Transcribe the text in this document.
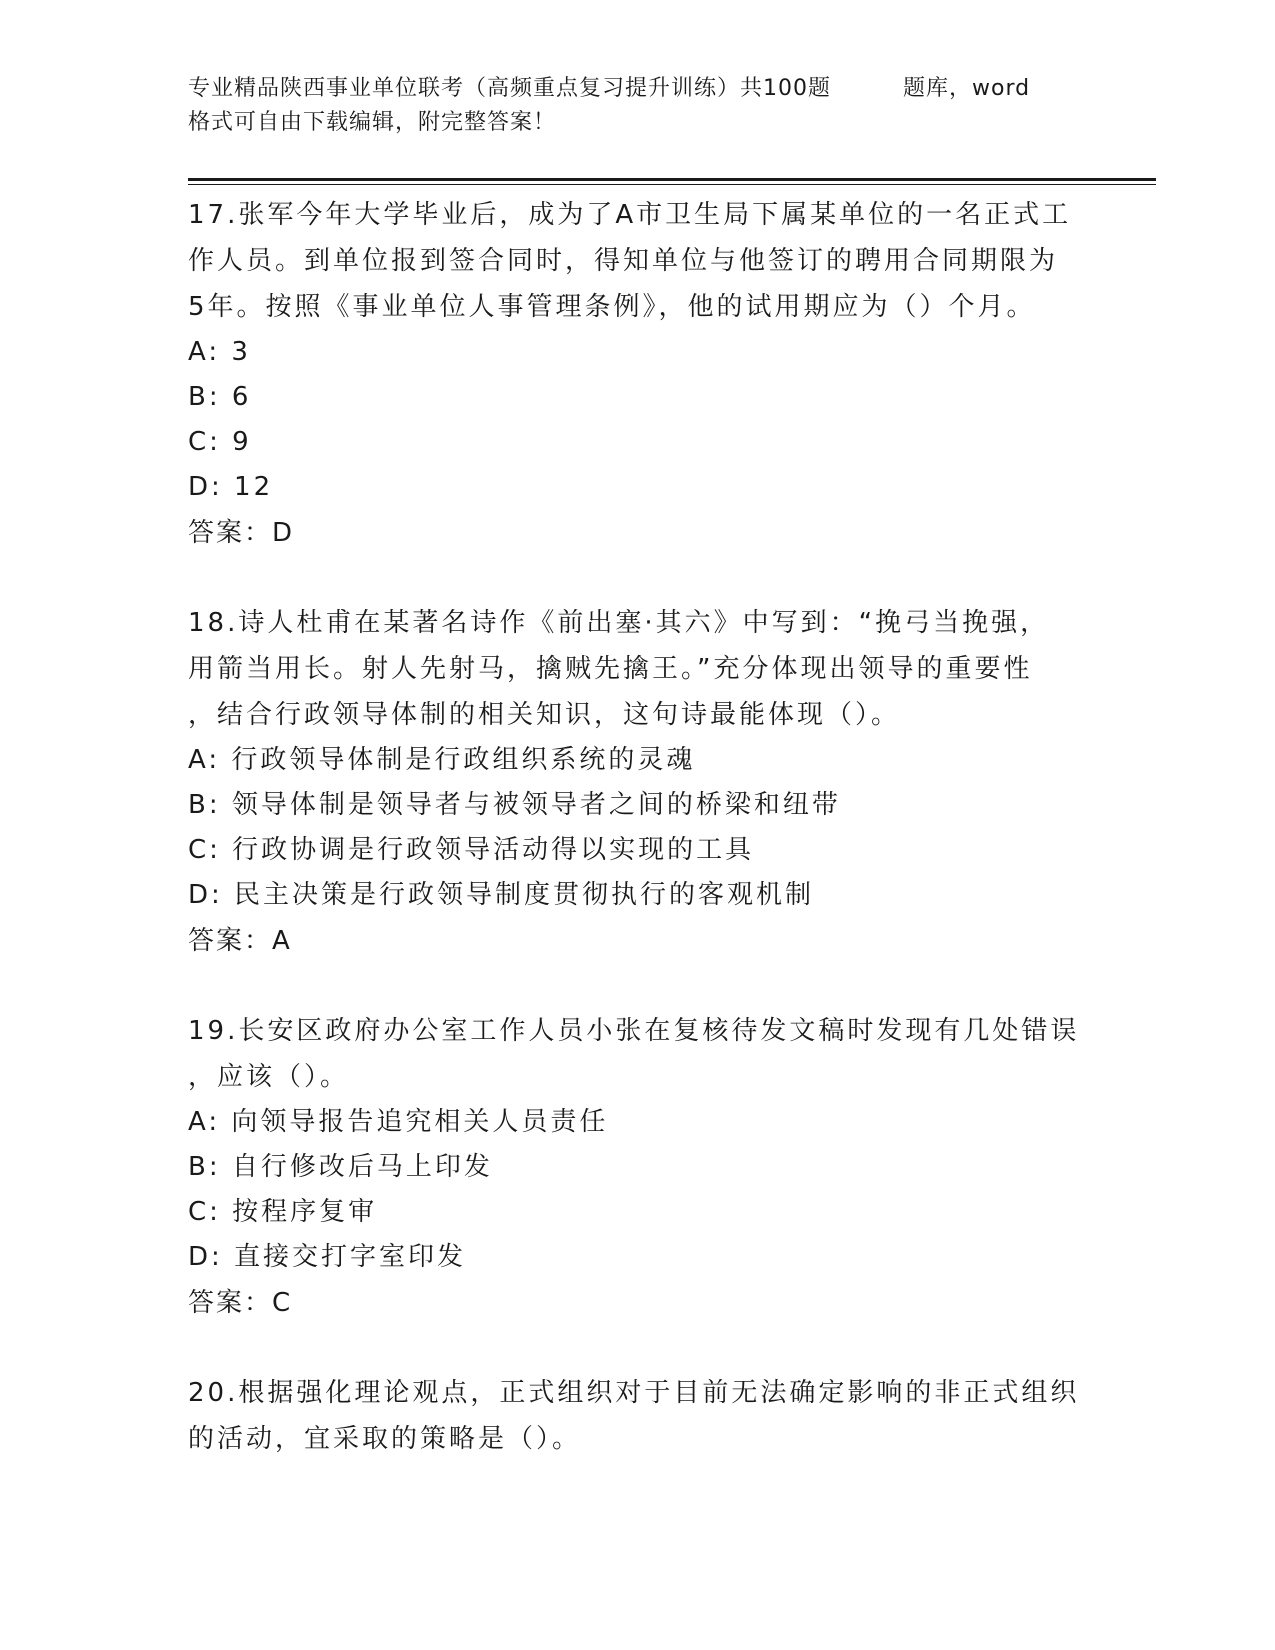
专业精品陕西事业单位联考（高频重点复习提升训练）共100题	题库，word
格式可自由下载编辑，附完整答案！
17.张军今年大学毕业后，成为了A市卫生局下属某单位的一名正式工
作人员。到单位报到签合同时，得知单位与他签订的聘用合同期限为
5年。按照《事业单位人事管理条例》，他的试用期应为（）个月。
A: 3
B: 6
C: 9
D: 12
答案：D
18.诗人杜甫在某著名诗作《前出塞·其六》中写到：“挽弓当挽强，
用箭当用长。射人先射马，擒贼先擒王。”充分体现出领导的重要性
，结合行政领导体制的相关知识，这句诗最能体现（）。
A: 行政领导体制是行政组织系统的灵魂
B: 领导体制是领导者与被领导者之间的桥梁和纽带
C: 行政协调是行政领导活动得以实现的工具
D: 民主决策是行政领导制度贯彻执行的客观机制
答案：A
19.长安区政府办公室工作人员小张在复核待发文稿时发现有几处错误
，应该（）。
A: 向领导报告追究相关人员责任
B: 自行修改后马上印发
C: 按程序复审
D: 直接交打字室印发
答案：C
20.根据强化理论观点，正式组织对于目前无法确定影响的非正式组织
的活动，宜采取的策略是（）。
